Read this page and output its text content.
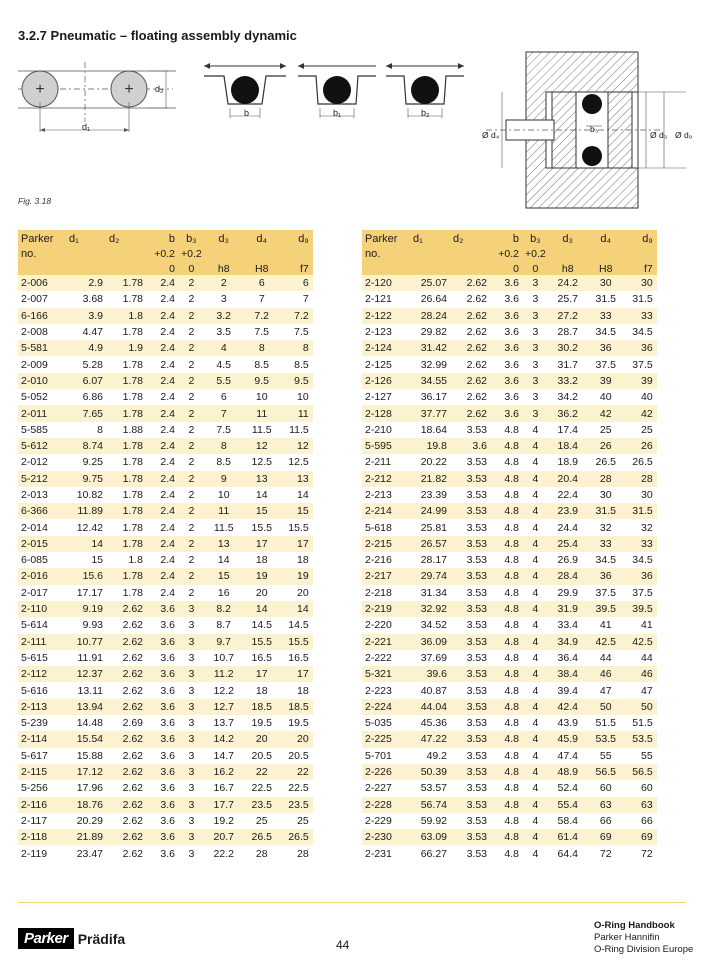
3.2.7 Pneumatic – floating assembly dynamic
+	+
d₁
d₂
b	b₁	b₂
Ø d₄
b₃
Ø d₃ Ø d₉
Fig. 3.18
Parker	d₁	d₂	b	b₃	d₃	d₄	d₉
no.			+0.2	+0.2			
			0	0	h8	H8	f7
2-006	2.9	1.78	2.4	2	2	6	6
2-007	3.68	1.78	2.4	2	3	7	7
6-166	3.9	1.8	2.4	2	3.2	7.2	7.2
2-008	4.47	1.78	2.4	2	3.5	7.5	7.5
5-581	4.9	1.9	2.4	2	4	8	8
2-009	5.28	1.78	2.4	2	4.5	8.5	8.5
2-010	6.07	1.78	2.4	2	5.5	9.5	9.5
5-052	6.86	1.78	2.4	2	6	10	10
2-011	7.65	1.78	2.4	2	7	11	11
5-585	8	1.88	2.4	2	7.5	11.5	11.5
5-612	8.74	1.78	2.4	2	8	12	12
2-012	9.25	1.78	2.4	2	8.5	12.5	12.5
5-212	9.75	1.78	2.4	2	9	13	13
2-013	10.82	1.78	2.4	2	10	14	14
6-366	11.89	1.78	2.4	2	11	15	15
2-014	12.42	1.78	2.4	2	11.5	15.5	15.5
2-015	14	1.78	2.4	2	13	17	17
6-085	15	1.8	2.4	2	14	18	18
2-016	15.6	1.78	2.4	2	15	19	19
2-017	17.17	1.78	2.4	2	16	20	20
2-110	9.19	2.62	3.6	3	8.2	14	14
5-614	9.93	2.62	3.6	3	8.7	14.5	14.5
2-111	10.77	2.62	3.6	3	9.7	15.5	15.5
5-615	11.91	2.62	3.6	3	10.7	16.5	16.5
2-112	12.37	2.62	3.6	3	11.2	17	17
5-616	13.11	2.62	3.6	3	12.2	18	18
2-113	13.94	2.62	3.6	3	12.7	18.5	18.5
5-239	14.48	2.69	3.6	3	13.7	19.5	19.5
2-114	15.54	2.62	3.6	3	14.2	20	20
5-617	15.88	2.62	3.6	3	14.7	20.5	20.5
2-115	17.12	2.62	3.6	3	16.2	22	22
5-256	17.96	2.62	3.6	3	16.7	22.5	22.5
2-116	18.76	2.62	3.6	3	17.7	23.5	23.5
2-117	20.29	2.62	3.6	3	19.2	25	25
2-118	21.89	2.62	3.6	3	20.7	26.5	26.5
2-119	23.47	2.62	3.6	3	22.2	28	28
Parker	d₁	d₂	b	b₃	d₃	d₄	d₉
no.			+0.2	+0.2			
			0	0	h8	H8	f7
2-120	25.07	2.62	3.6	3	24.2	30	30
2-121	26.64	2.62	3.6	3	25.7	31.5	31.5
2-122	28.24	2.62	3.6	3	27.2	33	33
2-123	29.82	2.62	3.6	3	28.7	34.5	34.5
2-124	31.42	2.62	3.6	3	30.2	36	36
2-125	32.99	2.62	3.6	3	31.7	37.5	37.5
2-126	34.55	2.62	3.6	3	33.2	39	39
2-127	36.17	2.62	3.6	3	34.2	40	40
2-128	37.77	2.62	3.6	3	36.2	42	42
2-210	18.64	3.53	4.8	4	17.4	25	25
5-595	19.8	3.6	4.8	4	18.4	26	26
2-211	20.22	3.53	4.8	4	18.9	26.5	26.5
2-212	21.82	3.53	4.8	4	20.4	28	28
2-213	23.39	3.53	4.8	4	22.4	30	30
2-214	24.99	3.53	4.8	4	23.9	31.5	31.5
5-618	25.81	3.53	4.8	4	24.4	32	32
2-215	26.57	3.53	4.8	4	25.4	33	33
2-216	28.17	3.53	4.8	4	26.9	34.5	34.5
2-217	29.74	3.53	4.8	4	28.4	36	36
2-218	31.34	3.53	4.8	4	29.9	37.5	37.5
2-219	32.92	3.53	4.8	4	31.9	39.5	39.5
2-220	34.52	3.53	4.8	4	33.4	41	41
2-221	36.09	3.53	4.8	4	34.9	42.5	42.5
2-222	37.69	3.53	4.8	4	36.4	44	44
5-321	39.6	3.53	4.8	4	38.4	46	46
2-223	40.87	3.53	4.8	4	39.4	47	47
2-224	44.04	3.53	4.8	4	42.4	50	50
5-035	45.36	3.53	4.8	4	43.9	51.5	51.5
2-225	47.22	3.53	4.8	4	45.9	53.5	53.5
5-701	49.2	3.53	4.8	4	47.4	55	55
2-226	50.39	3.53	4.8	4	48.9	56.5	56.5
2-227	53.57	3.53	4.8	4	52.4	60	60
2-228	56.74	3.53	4.8	4	55.4	63	63
2-229	59.92	3.53	4.8	4	58.4	66	66
2-230	63.09	3.53	4.8	4	61.4	69	69
2-231	66.27	3.53	4.8	4	64.4	72	72
Parker Prädifa	44
O-Ring Handbook
Parker Hannifin
O-Ring Division Europe
